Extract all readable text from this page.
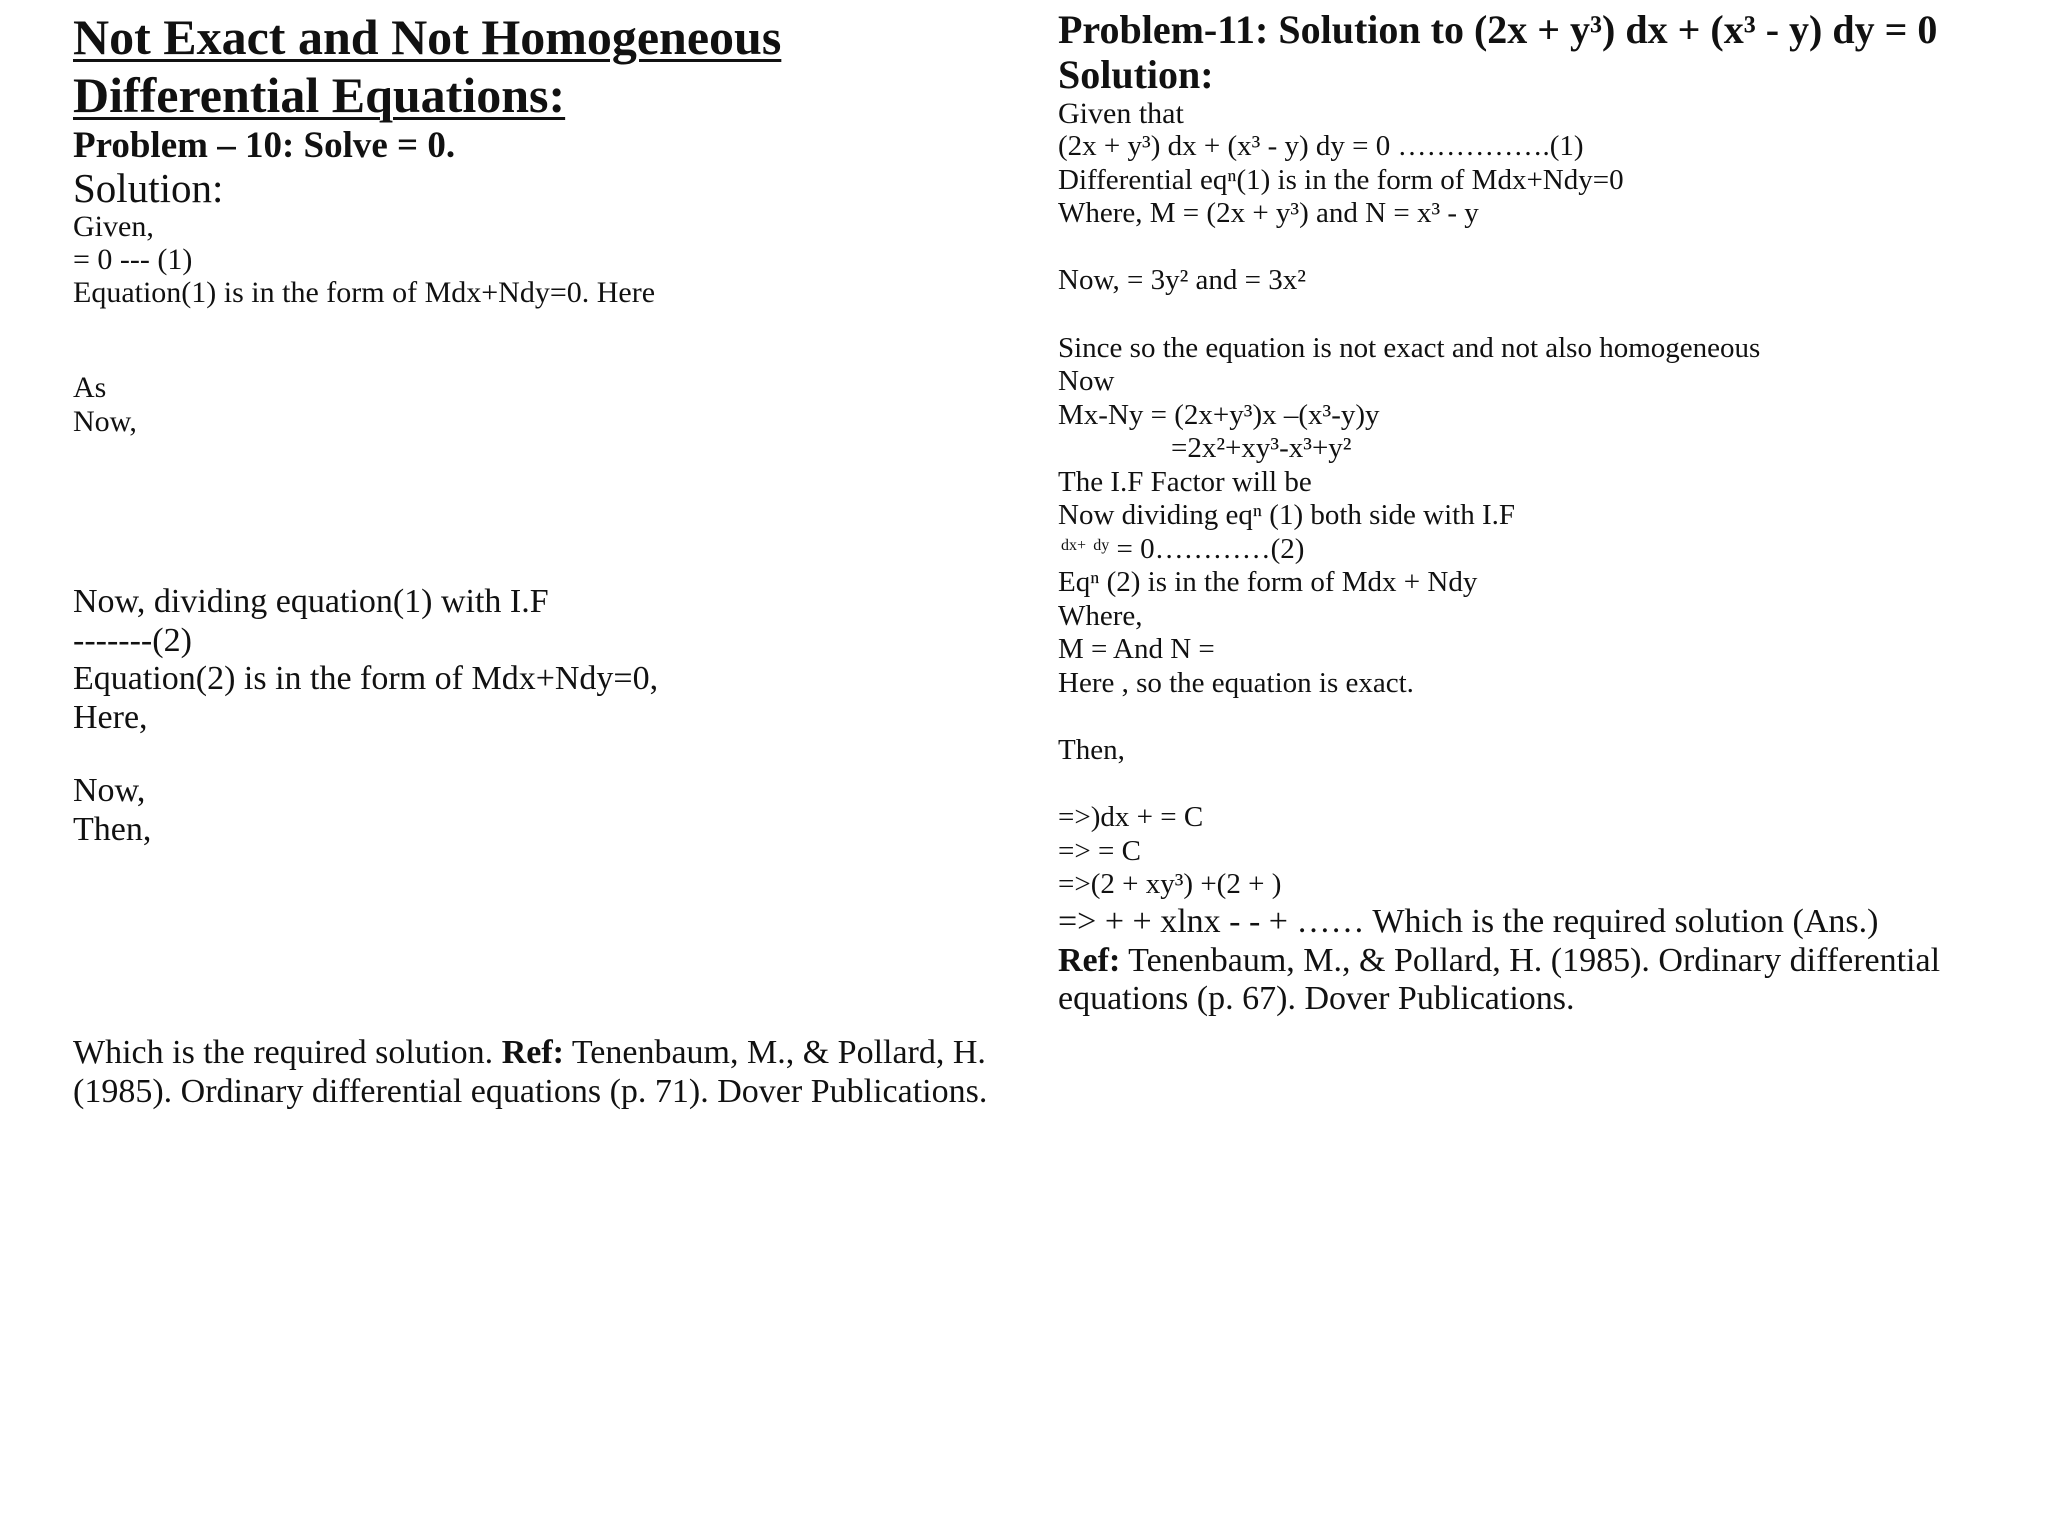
Not Exact and Not Homogeneous
Differential Equations:
Problem – 10: Solve = 0.
Solution:
Given,
= 0 --- (1)
Equation(1) is in the form of Mdx+Ndy=0. Here
As
Now,
Now, dividing equation(1) with I.F
-------(2)
Equation(2) is in the form of Mdx+Ndy=0,
Here,
Now,
Then,
Which is the required solution. Ref: Tenenbaum, M., & Pollard, H.
(1985). Ordinary differential equations (p. 71). Dover Publications.
Problem-11: Solution to (2x + y³) dx + (x³ - y) dy = 0
Solution:
Given that
(2x + y³) dx + (x³ - y) dy = 0 …………….(1)
Differential eqⁿ(1) is in the form of Mdx+Ndy=0
Where, M = (2x + y³) and N = x³ - y
Now, = 3y² and = 3x²
Since so the equation is not exact and not also homogeneous
Now
Mx-Ny = (2x+y³)x –(x³-y)y
=2x²+xy³-x³+y²
The I.F Factor will be
Now dividing eqⁿ (1) both side with I.F
$^{dx+}$ $^{dy}$ = 0…………(2)
Eqⁿ (2) is in the form of Mdx + Ndy
Where,
M = And N =
Here , so the equation is exact.
Then,
=>)dx + = C
=> = C
=>(2 + xy³) +(2 + )
=> + + xlnx - - + …… Which is the required solution (Ans.)
Ref: Tenenbaum, M., & Pollard, H. (1985). Ordinary differential
equations (p. 67). Dover Publications.
